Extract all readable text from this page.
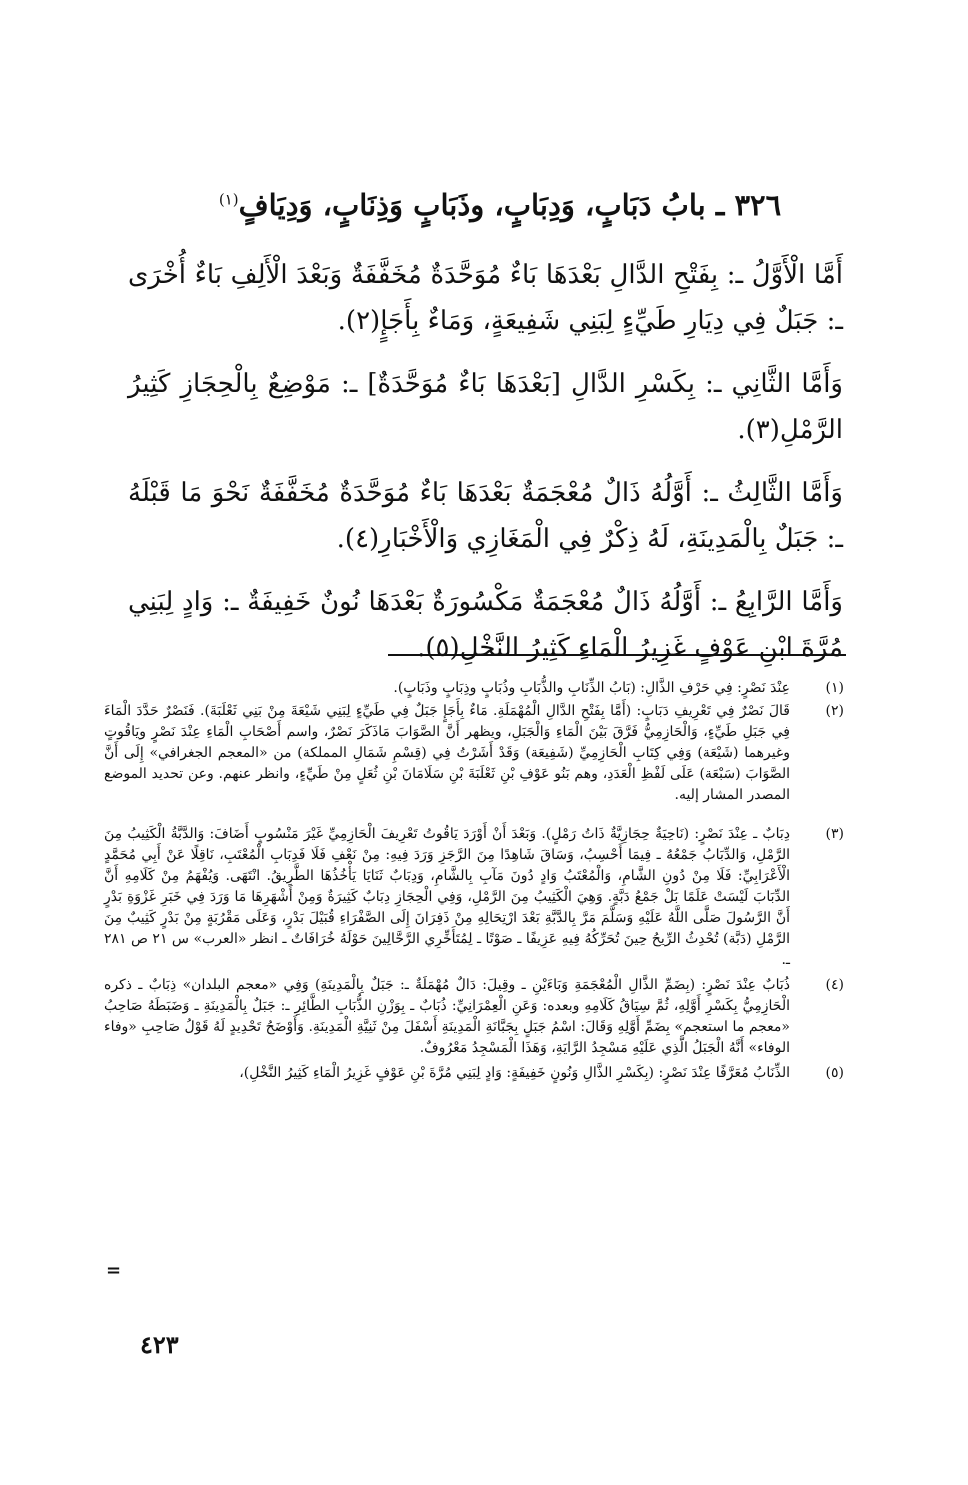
٣٢٦ ـ بابُ دَبَابٍ، وَدِبَابٍ، وذَبَابٍ وَذِنَابٍ، وَدِيَافٍ$^{(١)}$

أَمَّا الْأَوَّلُ ـ: بِفَتْحِ الدَّالِ بَعْدَهَا بَاءٌ مُوَحَّدَةٌ مُخَفَّفَةٌ وَبَعْدَ الْأَلِفِ بَاءٌ أُخْرَى ـ: جَبَلٌ فِي دِيَارِ طَيِّءٍ لِبَنِي شَفِيعَةٍ، وَمَاءٌ بِأَجَإٍ(٢).

وَأَمَّا الثَّانِي ـ: بِكَسْرِ الدَّالِ [بَعْدَهَا بَاءٌ مُوَحَّدَةٌ] ـ: مَوْضِعٌ بِالْحِجَازِ كَثِيرُ الرَّمْلِ(٣).

وَأَمَّا الثَّالِثُ ـ: أَوَّلُهُ ذَالٌ مُعْجَمَةٌ بَعْدَهَا بَاءٌ مُوَحَّدَةٌ مُخَفَّفَةٌ نَحْوَ مَا قَبْلَهُ ـ: جَبَلٌ بِالْمَدِينَةِ، لَهُ ذِكْرٌ فِي الْمَغَازِي وَالْأَخْبَارِ(٤).

وَأَمَّا الرَّابِعُ ـ: أَوَّلُهُ ذَالٌ مُعْجَمَةٌ مَكْسُورَةٌ بَعْدَهَا نُونٌ خَفِيفَةٌ ـ: وَادٍ لِبَنِي مُرَّةَ ابْنِ عَوْفٍ غَزِيرُ الْمَاءِ كَثِيرُ النَّخْلِ(٥).

(١)
عِنْدَ نَصْرٍ: فِي حَرْفِ الذَّالِ: (بَابُ الذِّنَابِ والذُّبَابِ وذُبَابٍ وذِبَابٍ وذَبَابٍ).
(٢)
قَالَ نَصْرٌ فِي تَعْرِيفِ دَبَابٍ: (أَمَّا بِفَتْحِ الدَّالِ الْمُهْمَلَةِ. مَاءٌ بِأَجَإٍ جَبَلٌ فِي طَيِّءٍ لِبَنِي شَيْعَةَ مِنْ بَنِي ثَعْلَبَةَ). فَنَصْرٌ حَدَّدَ الْمَاءَ فِي جَبَلِ طَيِّءٍ، وَالْحَازِمِيُّ فَرَّقَ بَيْنَ الْمَاءِ وَالْجَبَلِ، ويظهر أَنَّ الصَّوَابَ مَاذَكَرَ نَصْرٌ، واسم أَصْحَابِ الْمَاءِ عِنْدَ نَصْرٍ ويَاقُوتٍ وغيرهما (شَيْعَة) وَفِي كِتَابِ الْحَازِمِيِّ (شَفِيعَة) وَقَدْ أَشَرْتُ فِي (قِسْمِ شَمَالِ المملكة) من «المعجم الجغرافي» إِلَى أَنَّ الصَّوَابَ (سَبْعَة) عَلَى لَفْظِ الْعَدَدِ، وهم بَنُو عَوْفِ بْنِ ثَعْلَبَةَ بْنِ سَلَامَانَ بْنِ ثُعَلٍ مِنْ طَيِّءٍ، وانظر عنهم. وعن تحديد الموضع المصدر المشار إليه.
(٣)
دِبَابٌ ـ عِنْدَ نَصْرٍ: (نَاحِيَةٌ حِجَازِيَّةٌ ذَاتُ رَمْلٍ). وَبَعْدَ أَنْ أَوْرَدَ يَاقُوتُ تَعْرِيفَ الْحَازِمِيِّ غَيْرَ مَنْسُوبٍ أَضَافَ: وَالدَّبَّةُ الْكَثِيبُ مِنَ الرَّمْلِ، وَالدِّبَابُ جَمْعُهُ ـ فِيمَا أَحْسِبُ، وَسَاقَ شَاهِدًا مِنَ الرَّجَزِ وَرَدَ فِيهِ: مِنْ نَعْفِ فَلَا فَدِبَابِ الْمُعْتَبِ، نَاقِلًا عَنْ أَبِي مُحَمَّدٍ الْأَعْرَابِيِّ: فَلَا مِنْ دُونِ الشَّامِ، وَالْمُعْتَبُ وَادٍ دُونَ مَآبِ بِالشَّامِ، وَدِبَابٌ ثَنَايَا يَأْخُذُهَا الطَّرِيقُ. انْتَهَى. وَيُفْهَمُ مِنْ كَلَامِهِ أَنَّ الدِّبَابَ لَيْسَتْ عَلَمًا بَلْ جَمْعُ دَبَّةٍ. وَهِيَ الْكَثِيبُ مِنَ الرَّمْلِ، وَفِي الْحِجَازِ دِبَابٌ كَثِيرَةٌ وَمِنْ أَشْهَرِهَا مَا وَرَدَ فِي خَبَرِ غَزْوَةِ بَدْرٍ أَنَّ الرَّسُولَ صَلَّى اللَّهُ عَلَيْهِ وَسَلَّمَ مَرَّ بِالدَّبَّةِ بَعْدَ ارْتِحَالِهِ مِنْ ذَفِرَانَ إِلَى الصَّفْرَاءِ قُبَيْلَ بَدْرٍ، وَعَلَى مَقْرُبَةٍ مِنْ بَدْرٍ كَثِيبٌ مِنَ الرَّمْلِ (دَبَّة) تُحْدِثُ الرِّيحُ حِينَ تُحَرِّكُهُ فِيهِ عَزِيفًا ـ صَوْتًا ـ لِمُتَأَخِّرِي الرَّحَّالِينَ حَوْلَهُ خُرَافَاتٌ ـ انظر «العرب» س ٢١ ص ٢٨١ ـ.
(٤)
ذُبَابٌ عِنْدَ نَصْرٍ: (بِضَمِّ الذَّالِ الْمُعْجَمَةِ وَبَاءَيْنِ ـ وقِيلَ: دَالٌ مُهْمَلَةٌ ـ: جَبَلٌ بِالْمَدِينَةِ) وَفِي «معجم البلدان» ذِبَابٌ ـ ذكره الْحَازِمِيُّ بِكَسْرِ أَوَّلِهِ، ثُمَّ سِيَاقُ كَلَامِهِ وبعده: وَعَنِ الْعِمْرَانِيِّ: ذُبَابٌ ـ بِوَزْنِ الذُّبَابِ الطَّائِرِ ـ: جَبَلٌ بِالْمَدِينَةِ ـ وَضَبَطَهُ صَاحِبُ «معجم ما استعجم» بِضَمِّ أَوَّلِهِ وَقَالَ: اسْمُ جَبَلٍ بِجَبَّانَةِ الْمَدِينَةِ أَسْفَلَ مِنْ ثَنِيَّةِ الْمَدِينَةِ. وَأَوْضَحُ تَحْدِيدٍ لَهُ قَوْلُ صَاحِبِ «وفاء الوفاء» أَنَّهُ الْجَبَلُ الَّذِي عَلَيْهِ مَسْجِدُ الرَّايَةِ، وَهَذَا الْمَسْجِدُ مَعْرُوفٌ.
(٥)
الذِّنَابُ مُعَرَّفًا عِنْدَ نَصْرٍ: (بِكَسْرِ الذَّالِ وَنُونٍ خَفِيفَةٍ: وَادٍ لِبَنِي مُرَّةَ بْنِ عَوْفٍ غَزِيرُ الْمَاءِ كَثِيرُ النَّخْلِ)،
=
٤٢٣
